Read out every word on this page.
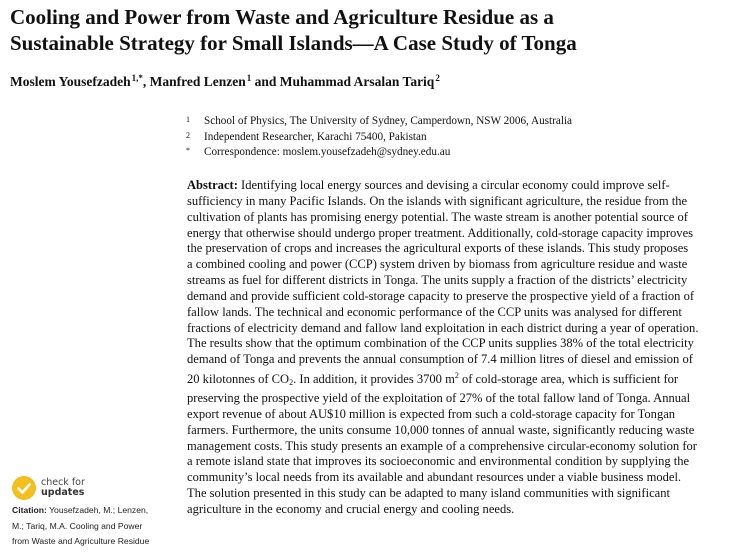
Cooling and Power from Waste and Agriculture Residue as a
Sustainable Strategy for Small Islands—A Case Study of Tonga
Moslem Yousefzadeh$^{1,*}$, Manfred Lenzen$^1$ and Muhammad Arsalan Tariq$^2$
1	School of Physics, The University of Sydney, Camperdown, NSW 2006, Australia
2	Independent Researcher, Karachi 75400, Pakistan
*	Correspondence: moslem.yousefzadeh@sydney.edu.au
Abstract: Identifying local energy sources and devising a circular economy could improve self-
sufficiency in many Pacific Islands. On the islands with significant agriculture, the residue from the
cultivation of plants has promising energy potential. The waste stream is another potential source of
energy that otherwise should undergo proper treatment. Additionally, cold-storage capacity improves
the preservation of crops and increases the agricultural exports of these islands. This study proposes
a combined cooling and power (CCP) system driven by biomass from agriculture residue and waste
streams as fuel for different districts in Tonga. The units supply a fraction of the districts’ electricity
demand and provide sufficient cold-storage capacity to preserve the prospective yield of a fraction of
fallow lands. The technical and economic performance of the CCP units was analysed for different
fractions of electricity demand and fallow land exploitation in each district during a year of operation.
The results show that the optimum combination of the CCP units supplies 38% of the total electricity
demand of Tonga and prevents the annual consumption of 7.4 million litres of diesel and emission of
20 kilotonnes of $CO_2$. In addition, it provides 3700 $m^2$ of cold-storage area, which is sufficient for
preserving the prospective yield of the exploitation of 27% of the total fallow land of Tonga. Annual
export revenue of about AU$10 million is expected from such a cold-storage capacity for Tongan
farmers. Furthermore, the units consume 10,000 tonnes of annual waste, significantly reducing waste
management costs. This study presents an example of a comprehensive circular-economy solution for
a remote island state that improves its socioeconomic and environmental condition by supplying the
community’s local needs from its available and abundant resources under a viable business model.
The solution presented in this study can be adapted to many island communities with significant
agriculture in the economy and crucial energy and cooling needs.
check for
updates
Citation: Yousefzadeh, M.; Lenzen,
M.; Tariq, M.A. Cooling and Power
from Waste and Agriculture Residue
